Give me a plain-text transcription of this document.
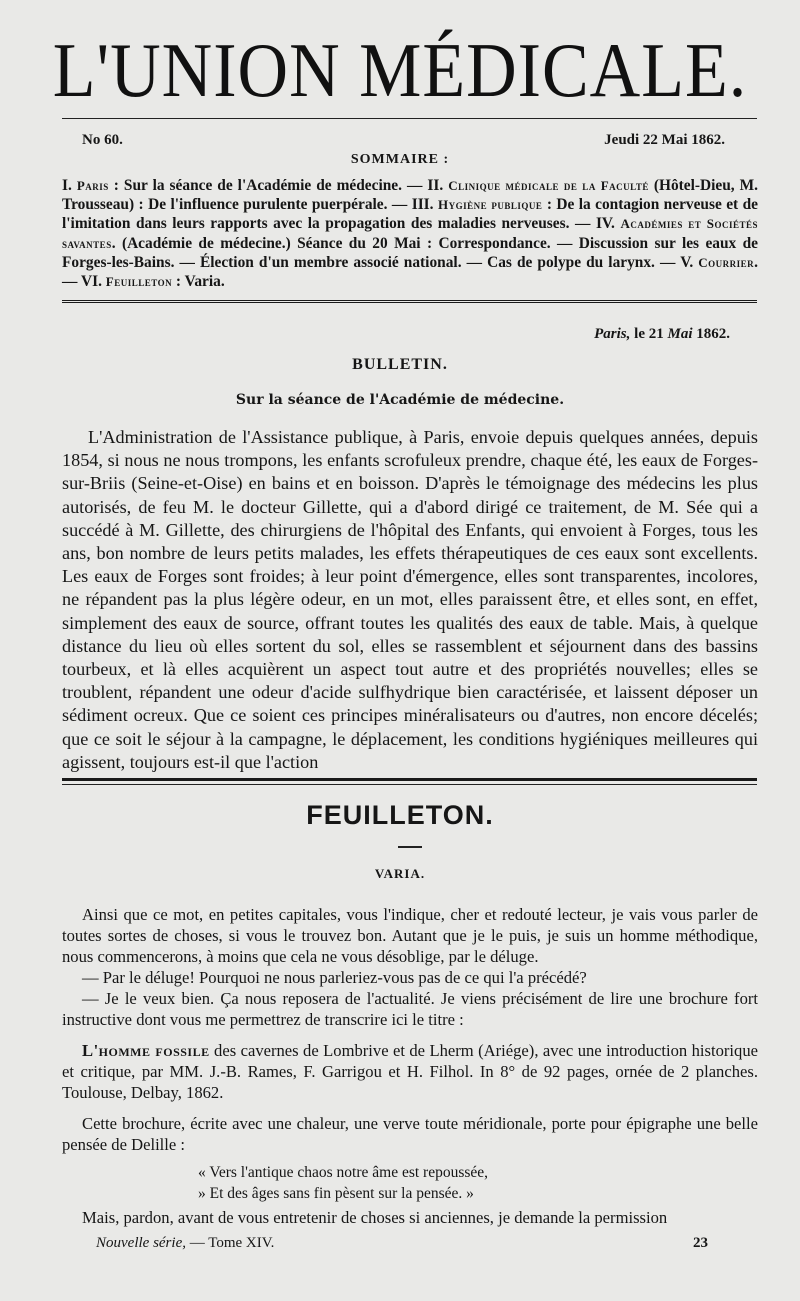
L'UNION MÉDICALE.
No 60.	Jeudi 22 Mai 1862.
SOMMAIRE :
I. Paris : Sur la séance de l'Académie de médecine. — II. Clinique médicale de la Faculté (Hôtel-Dieu, M. Trousseau) : De l'influence purulente puerpérale. — III. Hygiène publique : De la contagion nerveuse et de l'imitation dans leurs rapports avec la propagation des maladies nerveuses. — IV. Académies et Sociétés savantes. (Académie de médecine.) Séance du 20 Mai : Correspondance. — Discussion sur les eaux de Forges-les-Bains. — Élection d'un membre associé national. — Cas de polype du larynx. — V. Courrier. — VI. Feuilleton : Varia.
Paris, le 21 Mai 1862.
BULLETIN.
Sur la séance de l'Académie de médecine.

L'Administration de l'Assistance publique, à Paris, envoie depuis quelques années, depuis 1854, si nous ne nous trompons, les enfants scrofuleux prendre, chaque été, les eaux de Forges-sur-Briis (Seine-et-Oise) en bains et en boisson. D'après le témoignage des médecins les plus autorisés, de feu M. le docteur Gillette, qui a d'abord dirigé ce traitement, de M. Sée qui a succédé à M. Gillette, des chirurgiens de l'hôpital des Enfants, qui envoient à Forges, tous les ans, bon nombre de leurs petits malades, les effets thérapeutiques de ces eaux sont excellents. Les eaux de Forges sont froides; à leur point d'émergence, elles sont transparentes, incolores, ne répandent pas la plus légère odeur, en un mot, elles paraissent être, et elles sont, en effet, simplement des eaux de source, offrant toutes les qualités des eaux de table. Mais, à quelque distance du lieu où elles sortent du sol, elles se rassemblent et séjournent dans des bassins tourbeux, et là elles acquièrent un aspect tout autre et des propriétés nouvelles; elles se troublent, répandent une odeur d'acide sulfhydrique bien caractérisée, et laissent déposer un sédiment ocreux. Que ce soient ces principes minéralisateurs ou d'autres, non encore décelés; que ce soit le séjour à la campagne, le déplacement, les conditions hygiéniques meilleures qui agissent, toujours est-il que l'action

FEUILLETON.
VARIA.

Ainsi que ce mot, en petites capitales, vous l'indique, cher et redouté lecteur, je vais vous parler de toutes sortes de choses, si vous le trouvez bon. Autant que je le puis, je suis un homme méthodique, nous commencerons, à moins que cela ne vous désoblige, par le déluge.

— Par le déluge! Pourquoi ne nous parleriez-vous pas de ce qui l'a précédé?

— Je le veux bien. Ça nous reposera de l'actualité. Je viens précisément de lire une brochure fort instructive dont vous me permettrez de transcrire ici le titre :

L'homme fossile des cavernes de Lombrive et de Lherm (Ariége), avec une introduction historique et critique, par MM. J.-B. Rames, F. Garrigou et H. Filhol. In 8° de 92 pages, ornée de 2 planches. Toulouse, Delbay, 1862.

Cette brochure, écrite avec une chaleur, une verve toute méridionale, porte pour épigraphe une belle pensée de Delille :

« Vers l'antique chaos notre âme est repoussée,
» Et des âges sans fin pèsent sur la pensée. »
Mais, pardon, avant de vous entretenir de choses si anciennes, je demande la permission
Nouvelle série, — Tome XIV.	23
